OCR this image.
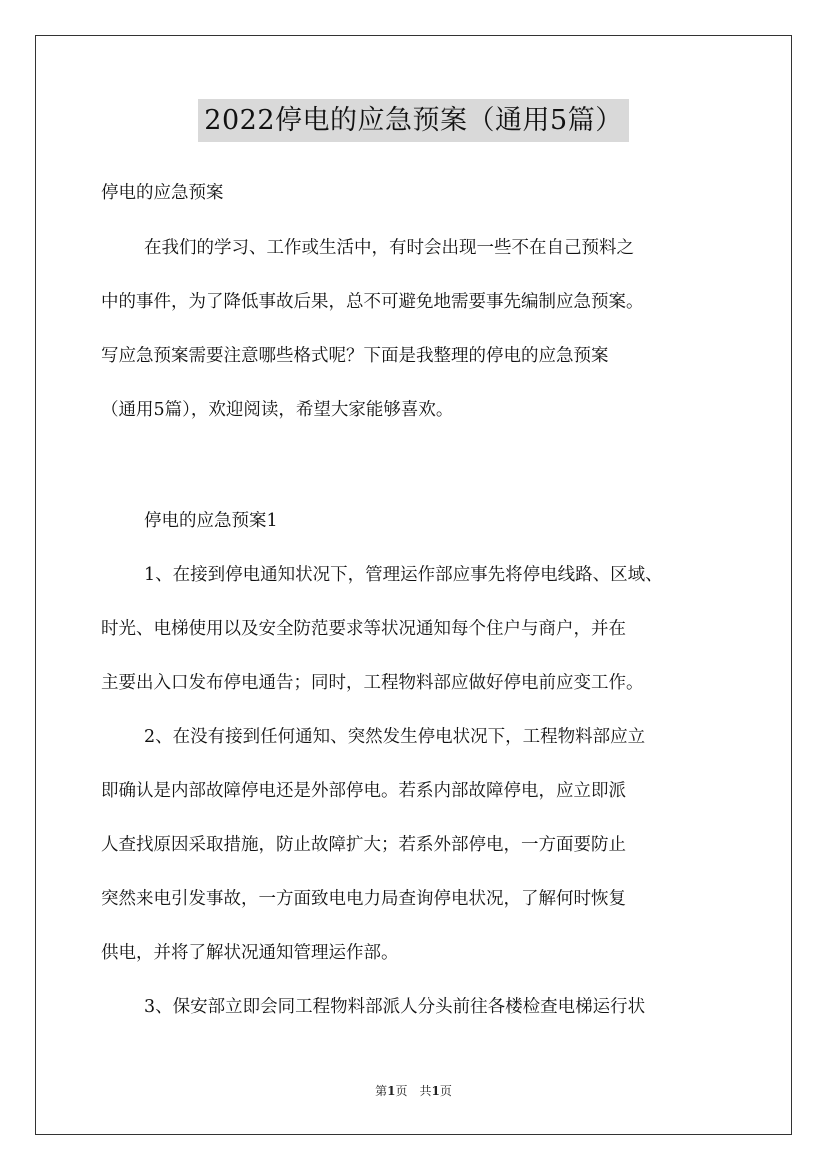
2022停电的应急预案（通用5篇）
停电的应急预案
在我们的学习、工作或生活中，有时会出现一些不在自己预料之
中的事件，为了降低事故后果，总不可避免地需要事先编制应急预案。
写应急预案需要注意哪些格式呢？下面是我整理的停电的应急预案
（通用5篇），欢迎阅读，希望大家能够喜欢。
停电的应急预案1
1、在接到停电通知状况下，管理运作部应事先将停电线路、区域、
时光、电梯使用以及安全防范要求等状况通知每个住户与商户，并在
主要出入口发布停电通告；同时，工程物料部应做好停电前应变工作。
2、在没有接到任何通知、突然发生停电状况下，工程物料部应立
即确认是内部故障停电还是外部停电。若系内部故障停电，应立即派
人查找原因采取措施，防止故障扩大；若系外部停电，一方面要防止
突然来电引发事故，一方面致电电力局查询停电状况，了解何时恢复
供电，并将了解状况通知管理运作部。
3、保安部立即会同工程物料部派人分头前往各楼检查电梯运行状
第1页　共1页
